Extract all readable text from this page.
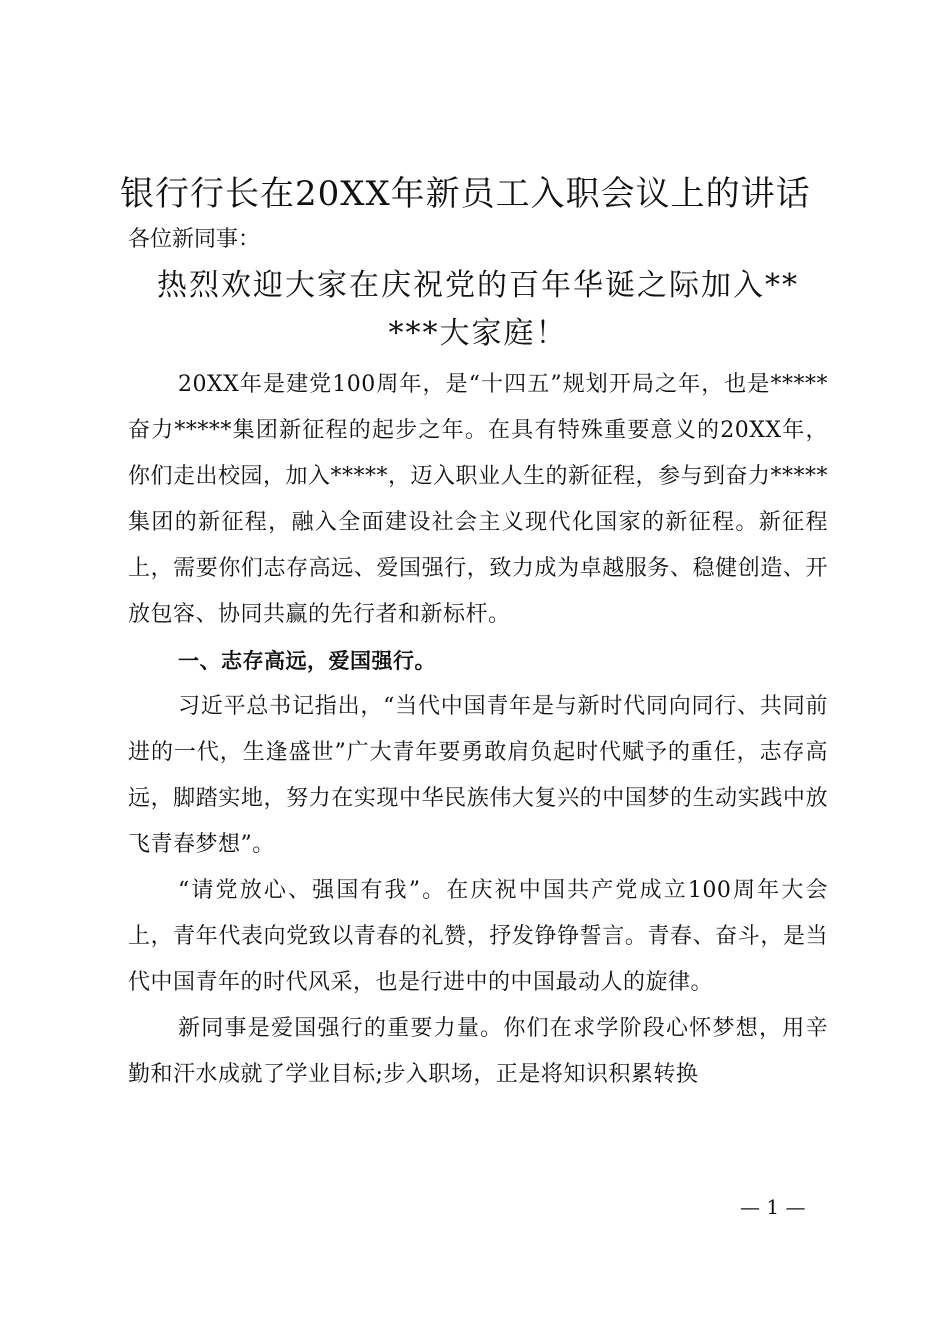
银行行长在20XX年新员工入职会议上的讲话
各位新同事：
热烈欢迎大家在庆祝党的百年华诞之际加入**
***大家庭！

20XX年是建党100周年，是“十四五”规划开局之年，也是*****奋力*****集团新征程的起步之年。在具有特殊重要意义的20XX年，你们走出校园，加入*****，迈入职业人生的新征程，参与到奋力*****集团的新征程，融入全面建设社会主义现代化国家的新征程。新征程上，需要你们志存高远、爱国强行，致力成为卓越服务、稳健创造、开放包容、协同共赢的先行者和新标杆。

一、志存高远，爱国强行。

习近平总书记指出，“当代中国青年是与新时代同向同行、共同前进的一代，生逢盛世”广大青年要勇敢肩负起时代赋予的重任，志存高远，脚踏实地，努力在实现中华民族伟大复兴的中国梦的生动实践中放飞青春梦想”。

“请党放心、强国有我”。在庆祝中国共产党成立100周年大会上，青年代表向党致以青春的礼赞，抒发铮铮誓言。青春、奋斗，是当代中国青年的时代风采，也是行进中的中国最动人的旋律。

新同事是爱国强行的重要力量。你们在求学阶段心怀梦想，用辛勤和汗水成就了学业目标;步入职场，正是将知识积累转换

— 1 —
